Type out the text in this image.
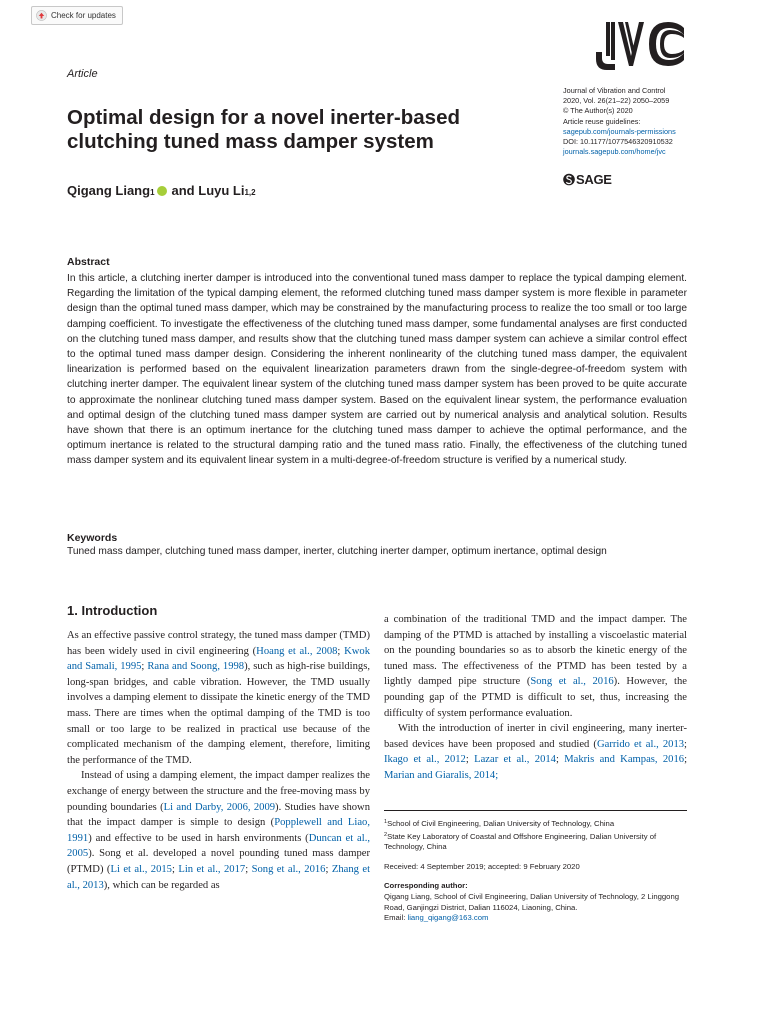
Check for updates
Article
Optimal design for a novel inerter-based clutching tuned mass damper system
Journal of Vibration and Control
2020, Vol. 26(21–22) 2050–2059
© The Author(s) 2020
Article reuse guidelines:
sagepub.com/journals-permissions
DOI: 10.1177/1077546320910532
journals.sagepub.com/home/jvc
SAGE
Qigang Liang 1 and
Luyu Li 1,2
Abstract

In this article, a clutching inerter damper is introduced into the conventional tuned mass damper to replace the typical damping element. Regarding the limitation of the typical damping element, the reformed clutching tuned mass damper system is more flexible in parameter design than the optimal tuned mass damper, which may be constrained by the manufacturing process to realize the too small or too large damping coefficient. To investigate the effectiveness of the clutching tuned mass damper, some fundamental analyses are first conducted on the clutching tuned mass damper, and results show that the clutching tuned mass damper system can achieve a similar control effect to the optimal tuned mass damper design. Considering the inherent nonlinearity of the clutching tuned mass damper, the equivalent linearization is performed based on the equivalent linearization parameters drawn from the single-degree-of-freedom system with clutching inerter damper. The equivalent linear system of the clutching tuned mass damper system has been proved to be quite accurate to approximate the nonlinear clutching tuned mass damper system. Based on the equivalent linear system, the performance evaluation and optimal design of the clutching tuned mass damper system are carried out by numerical analysis and analytical solution. Results have shown that there is an optimum inertance for the clutching tuned mass damper to achieve the optimal performance, and the optimum inertance is related to the structural damping ratio and the tuned mass ratio. Finally, the effectiveness of the clutching tuned mass damper system and its equivalent linear system in a multi-degree-of-freedom structure is verified by a numerical study.

Keywords

Tuned mass damper, clutching tuned mass damper, inerter, clutching inerter damper, optimum inertance, optimal design

1. Introduction

As an effective passive control strategy, the tuned mass damper (TMD) has been widely used in civil engineering (Hoang et al., 2008; Kwok and Samali, 1995; Rana and Soong, 1998), such as high-rise buildings, long-span bridges, and cable vibration. However, the TMD usually involves a damping element to dissipate the kinetic energy of the TMD mass. There are times when the optimal damping of the TMD is too small or too large to be realized in practical use because of the complicated mechanism of the damping element, therefore, limiting the performance of the TMD.

Instead of using a damping element, the impact damper realizes the exchange of energy between the structure and the free-moving mass by pounding boundaries (Li and Darby, 2006, 2009). Studies have shown that the impact damper is simple to design (Popplewell and Liao, 1991) and effective to be used in harsh environments (Duncan et al., 2005). Song et al. developed a novel pounding tuned mass damper (PTMD) (Li et al., 2015; Lin et al., 2017; Song et al., 2016; Zhang et al., 2013), which can be regarded as

a combination of the traditional TMD and the impact damper. The damping of the PTMD is attached by installing a viscoelastic material on the pounding boundaries so as to absorb the kinetic energy of the tuned mass. The effectiveness of the PTMD has been tested by a lightly damped pipe structure (Song et al., 2016). However, the pounding gap of the PTMD is difficult to set, thus, increasing the difficulty of system performance evaluation.

With the introduction of inerter in civil engineering, many inerter-based devices have been proposed and studied (Garrido et al., 2013; Ikago et al., 2012; Lazar et al., 2014; Makris and Kampas, 2016; Marian and Giaralis, 2014;

$^1$School of Civil Engineering, Dalian University of Technology, China
$^2$State Key Laboratory of Coastal and Offshore Engineering, Dalian University of Technology, China
Received: 4 September 2019; accepted: 9 February 2020
Corresponding author:
Qigang Liang, School of Civil Engineering, Dalian University of Technology, 2 Linggong Road, Ganjingzi District, Dalian 116024, Liaoning, China.
Email: liang_qigang@163.com
